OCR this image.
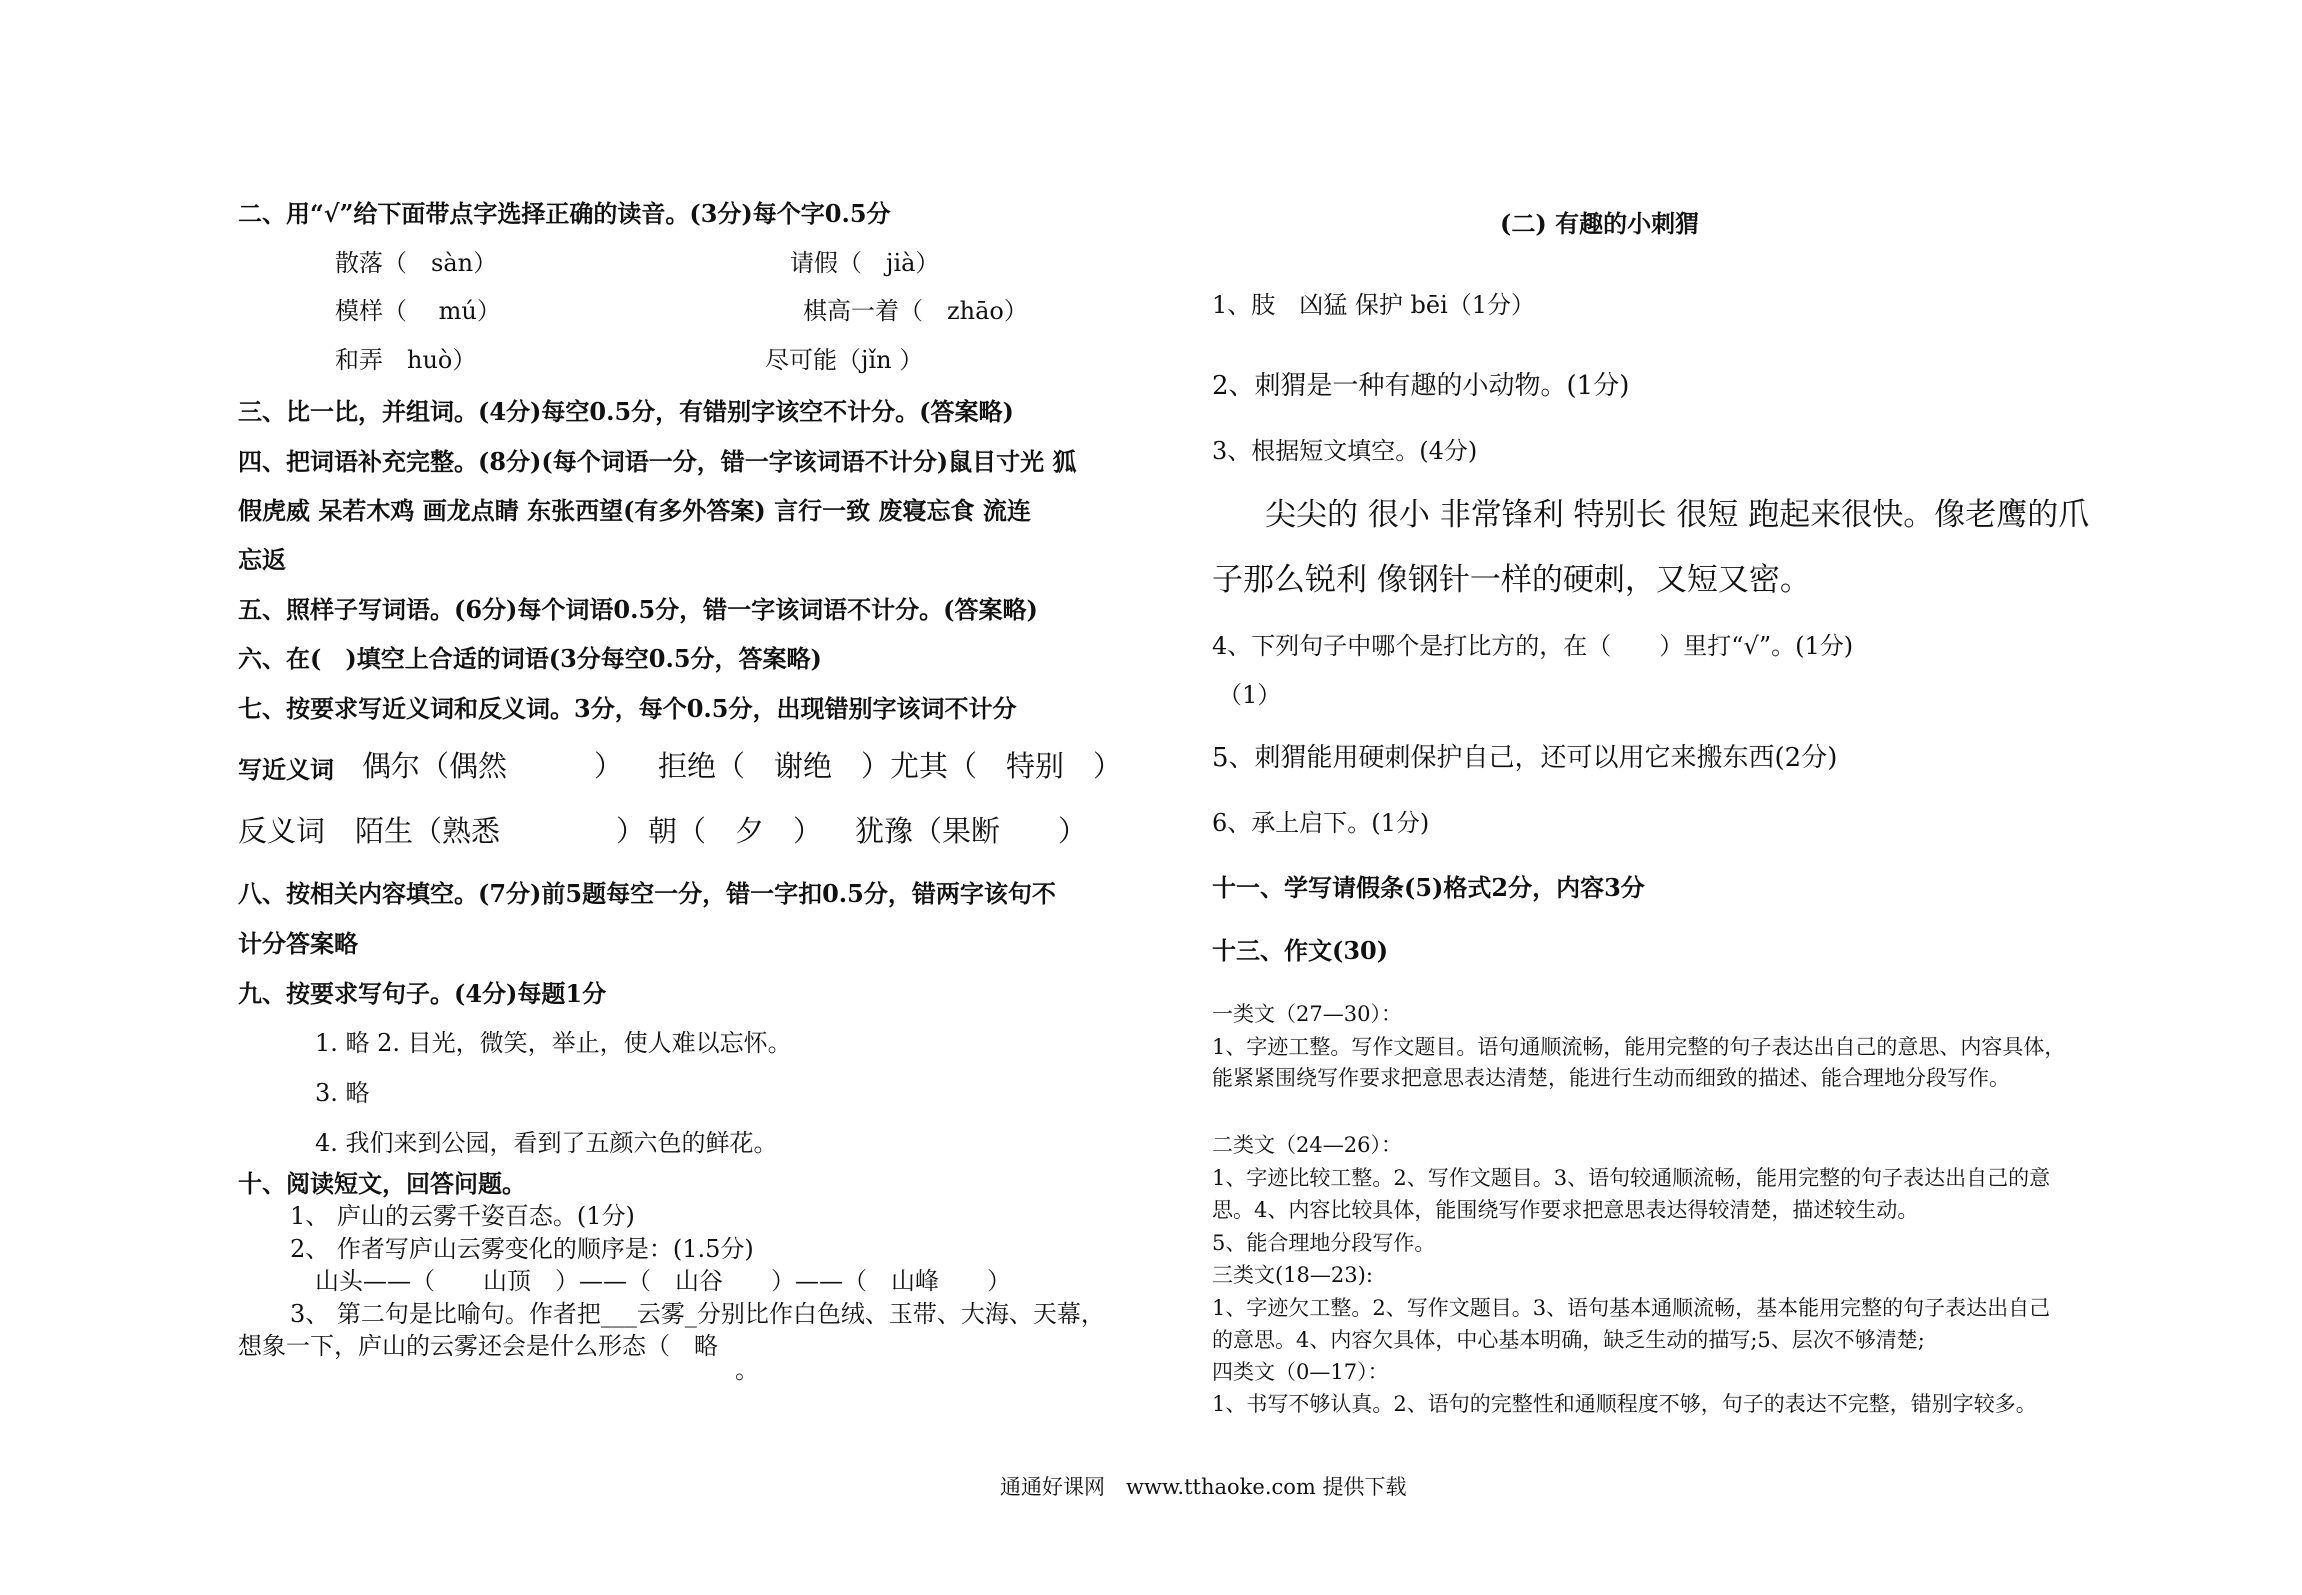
二、用“√”给下面带点字选择正确的读音。(3分)每个字0.5分
散落（　sàn）	请假（　jià）
模样（　 mú）	棋高一着（　zhāo）
和弄　huò）	尽可能（jǐn ）
三、比一比，并组词。(4分)每空0.5分，有错别字该空不计分。(答案略)
四、把词语补充完整。(8分)(每个词语一分，错一字该词语不计分)鼠目寸光 狐
假虎威 呆若木鸡 画龙点睛 东张西望(有多外答案) 言行一致 废寝忘食 流连
忘返
五、照样子写词语。(6分)每个词语0.5分，错一字该词语不计分。(答案略)
六、在(　)填空上合适的词语(3分每空0.5分，答案略)
七、按要求写近义词和反义词。3分，每个0.5分，出现错别字该词不计分
写近义词 偶尔（偶然　　　） 拒绝（　谢绝　）尤其（　特别　）
反义词 陌生（熟悉　　　　） 朝（　夕　） 犹豫（果断　　）
八、按相关内容填空。(7分)前5题每空一分，错一字扣0.5分，错两字该句不
计分答案略
九、按要求写句子。(4分)每题1分
1. 略 2. 目光，微笑，举止，使人难以忘怀。
3. 略
4. 我们来到公园，看到了五颜六色的鲜花。
十、阅读短文，回答问题。
1、 庐山的云雾千姿百态。(1分)
2、 作者写庐山云雾变化的顺序是：(1.5分)
山头——（　　山顶　）——（　山谷　　）——（　山峰　　）
3、 第二句是比喻句。作者把___云雾_分别比作白色绒、玉带、大海、天幕，
想象一下，庐山的云雾还会是什么形态（　略
。
(二) 有趣的小刺猬
1、肢　凶猛 保护 bēi（1分）
2、刺猬是一种有趣的小动物。(1分)
3、根据短文填空。(4分)
尖尖的 很小 非常锋利 特别长 很短 跑起来很快。像老鹰的爪
子那么锐利 像钢针一样的硬刺，又短又密。
4、下列句子中哪个是打比方的，在（　　）里打“√”。(1分)
（1）
5、刺猬能用硬刺保护自己，还可以用它来搬东西(2分)
6、承上启下。(1分)
十一、学写请假条(5)格式2分，内容3分
十三、作文(30)
一类文（27—30）：
1、字迹工整。写作文题目。语句通顺流畅，能用完整的句子表达出自己的意思、内容具体，
能紧紧围绕写作要求把意思表达清楚，能进行生动而细致的描述、能合理地分段写作。
二类文（24—26）：
1、字迹比较工整。2、写作文题目。3、语句较通顺流畅，能用完整的句子表达出自己的意
思。4、内容比较具体，能围绕写作要求把意思表达得较清楚，描述较生动。
5、能合理地分段写作。
三类文(18—23):
1、字迹欠工整。2、写作文题目。3、语句基本通顺流畅，基本能用完整的句子表达出自己
的意思。4、内容欠具体，中心基本明确，缺乏生动的描写;5、层次不够清楚;
四类文（0—17）：
1、书写不够认真。2、语句的完整性和通顺程度不够，句子的表达不完整，错别字较多。
通通好课网　www.tthaoke.com 提供下载
